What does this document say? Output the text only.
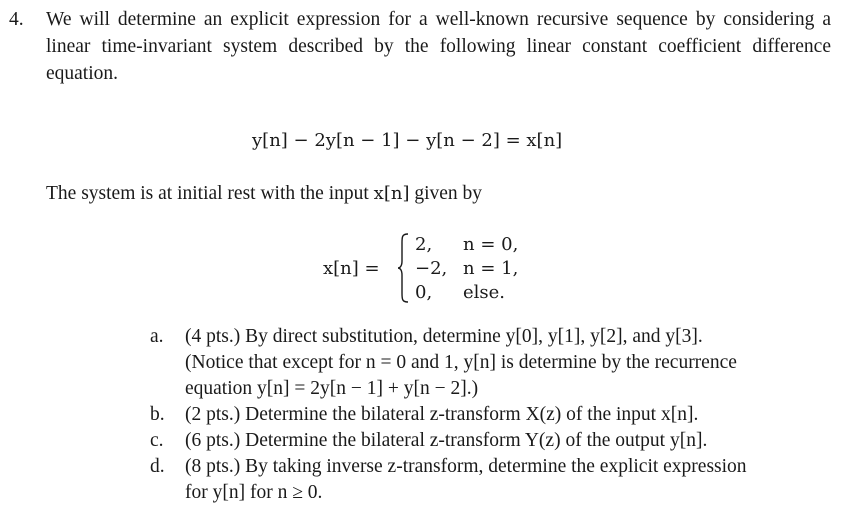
4. We will determine an explicit expression for a well-known recursive sequence by considering a linear time-invariant system described by the following linear constant coefficient difference equation.
y[n] − 2y[n − 1] − y[n − 2] = x[n]
The system is at initial rest with the input x[n] given by
x[n] =
2, n = 0,
−2, n = 1,
0, else.
a. (4 pts.) By direct substitution, determine y[0], y[1], y[2], and y[3].
(Notice that except for n = 0 and 1, y[n] is determine by the recurrence
equation y[n] = 2y[n − 1] + y[n − 2].)
b. (2 pts.) Determine the bilateral z-transform X(z) of the input x[n].
c. (6 pts.) Determine the bilateral z-transform Y(z) of the output y[n].
d. (8 pts.) By taking inverse z-transform, determine the explicit expression
for y[n] for n ≥ 0.
